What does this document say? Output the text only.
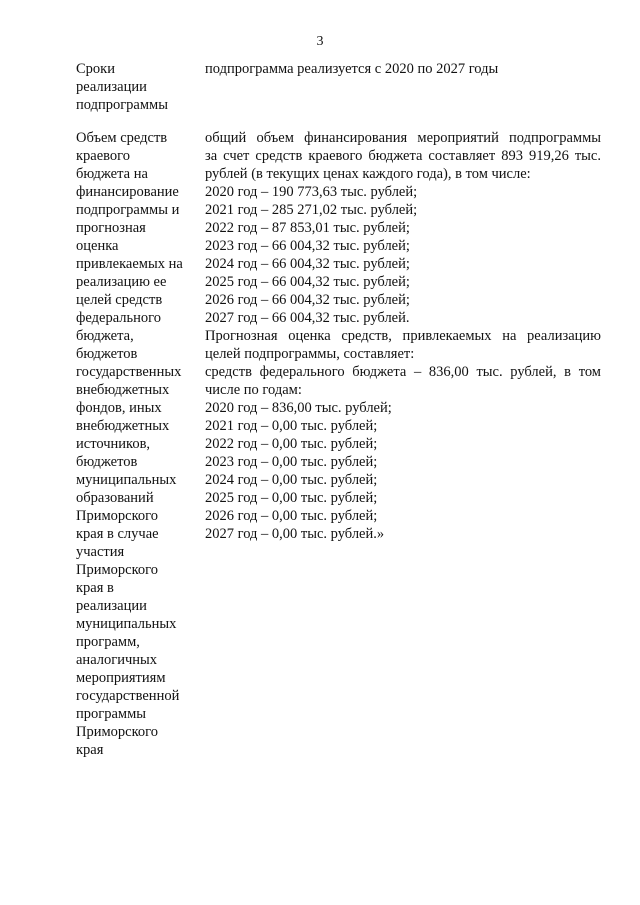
3
Сроки
реализации
подпрограммы
подпрограмма реализуется с 2020 по 2027 годы
Объем средств
краевого
бюджета на
финансирование
подпрограммы и
прогнозная
оценка
привлекаемых на
реализацию ее
целей средств
федерального
бюджета,
бюджетов
государственных
внебюджетных
фондов, иных
внебюджетных
источников,
бюджетов
муниципальных
образований
Приморского
края в случае
участия
Приморского
края в
реализации
муниципальных
программ,
аналогичных
мероприятиям
государственной
программы
Приморского
края
общий объем финансирования мероприятий подпрограммы
за счет средств краевого бюджета составляет 893 919,26 тыс.
рублей (в текущих ценах каждого года), в том числе:
2020 год – 190 773,63 тыс. рублей;
2021 год – 285 271,02 тыс. рублей;
2022 год – 87 853,01 тыс. рублей;
2023 год – 66 004,32 тыс. рублей;
2024 год – 66 004,32 тыс. рублей;
2025 год – 66 004,32 тыс. рублей;
2026 год – 66 004,32 тыс. рублей;
2027 год – 66 004,32 тыс. рублей.
Прогнозная оценка средств, привлекаемых на реализацию
целей подпрограммы, составляет:
средств федерального бюджета – 836,00 тыс. рублей, в том
числе по годам:
2020 год – 836,00 тыс. рублей;
2021 год – 0,00 тыс. рублей;
2022 год – 0,00 тыс. рублей;
2023 год – 0,00 тыс. рублей;
2024 год – 0,00 тыс. рублей;
2025 год – 0,00 тыс. рублей;
2026 год – 0,00 тыс. рублей;
2027 год – 0,00 тыс. рублей.»
